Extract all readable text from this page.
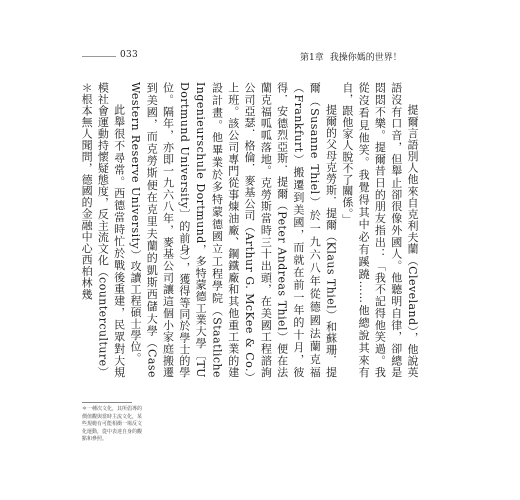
033	第1章 我操你媽的世界！

提爾言語別人他來自克利夫蘭（Cleveland），他說英語沒有口音，但舉止卻很像外國人。他聽明自律，卻總是悶悶不樂。提爾昔日的朋友指出：「我不記得他笑過。我從沒看見他笑。我覺得其中必有蹊蹺……他總說其來有自，跟他家人脫不了關係。」

提爾的父母克勞斯．提爾（Klaus Thiel）和蘇珊．提爾（Susanne Thiel）於一九六八年從德國法蘭克福（Frankfurt）搬遷到美國，而就在前一年的十月，彼得．安德烈亞斯．提爾（Peter Andreas Thiel）便在法蘭克福呱呱落地。克勞斯當時三十出頭，在美國工程諮詢公司亞瑟．格倫．麥基公司（Arthur G. McKee & Co.）上班。該公司專門從事煉油廠、鋼鐵廠和其他重工業的建設計畫。他畢業於多特蒙德國立工程學院（Staatliche Ingenieurschule Dortmund，多特蒙德工業大學〔TU Dortmund University〕的前身），獲得等同於學士的學位。隔年，亦即一九六八年，麥基公司讓這個小家庭搬遷到美國，而克勞斯便在克里夫蘭的凱斯西儲大學（Case Western Reserve University）攻讀工程碩士學位。

此舉很不尋常。西德當時忙於戰後重建，民眾對大規模社會運動持懷疑態度，反主流文化（counterculture）＊根本無人聞問，德國的金融中心西柏林幾

＊一種次文化，其所倡導的價值觀與當時主流文化，某些規範有可能相衝一場反文化運動，從中表達自身的觀點和參照。
